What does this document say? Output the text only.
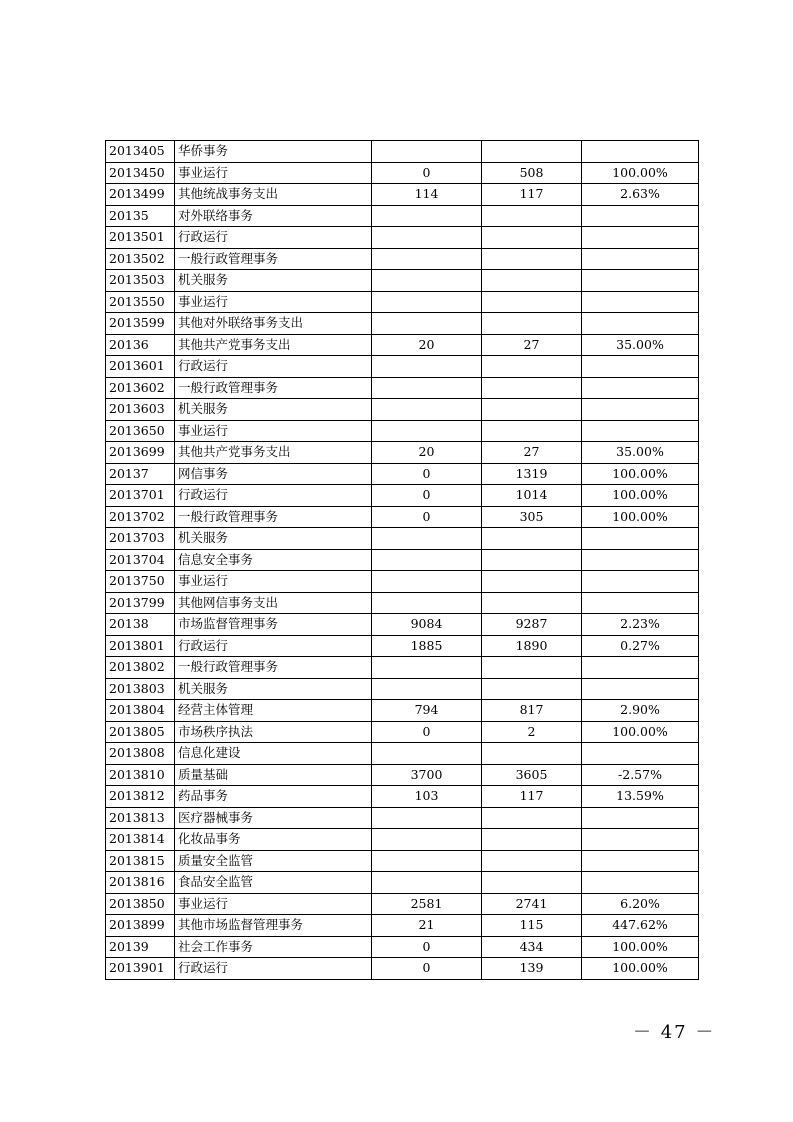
2013405	华侨事务			
2013450	事业运行	0	508	100.00%
2013499	其他统战事务支出	114	117	2.63%
20135	对外联络事务			
2013501	行政运行			
2013502	一般行政管理事务			
2013503	机关服务			
2013550	事业运行			
2013599	其他对外联络事务支出			
20136	其他共产党事务支出	20	27	35.00%
2013601	行政运行			
2013602	一般行政管理事务			
2013603	机关服务			
2013650	事业运行			
2013699	其他共产党事务支出	20	27	35.00%
20137	网信事务	0	1319	100.00%
2013701	行政运行	0	1014	100.00%
2013702	一般行政管理事务	0	305	100.00%
2013703	机关服务			
2013704	信息安全事务			
2013750	事业运行			
2013799	其他网信事务支出			
20138	市场监督管理事务	9084	9287	2.23%
2013801	行政运行	1885	1890	0.27%
2013802	一般行政管理事务			
2013803	机关服务			
2013804	经营主体管理	794	817	2.90%
2013805	市场秩序执法	0	2	100.00%
2013808	信息化建设			
2013810	质量基础	3700	3605	-2.57%
2013812	药品事务	103	117	13.59%
2013813	医疗器械事务			
2013814	化妆品事务			
2013815	质量安全监管			
2013816	食品安全监管			
2013850	事业运行	2581	2741	6.20%
2013899	其他市场监督管理事务	21	115	447.62%
20139	社会工作事务	0	434	100.00%
2013901	行政运行	0	139	100.00%
－ 47 －
